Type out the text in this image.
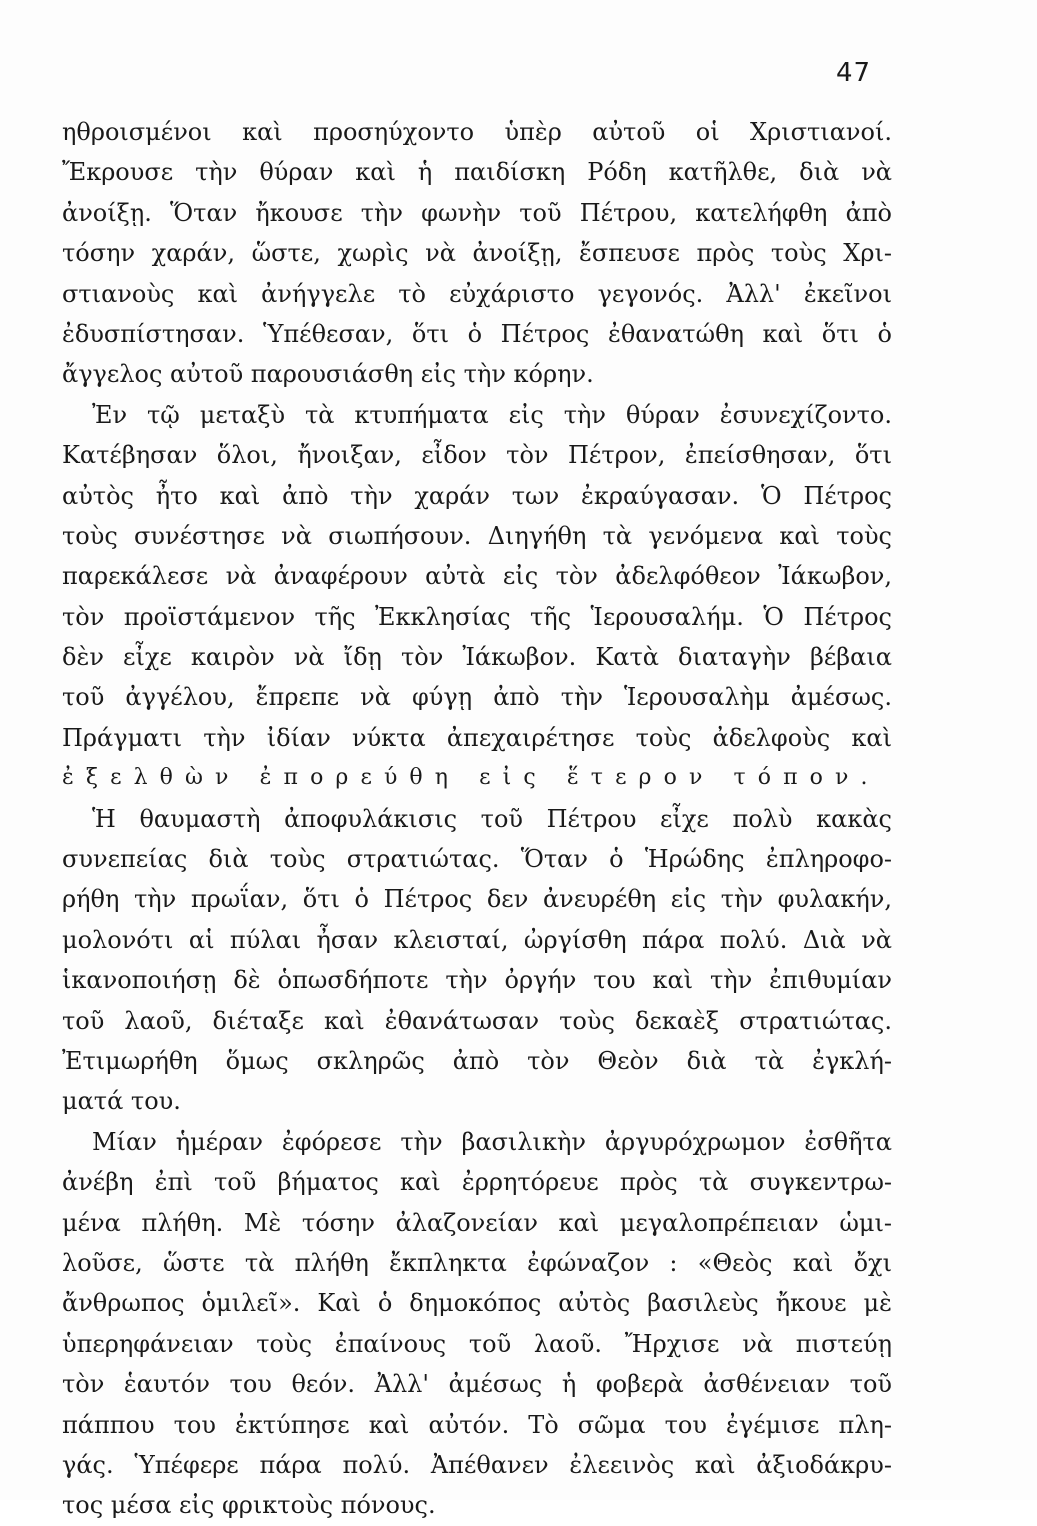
47
ηθροισμένοι καὶ προσηύχοντο ὑπὲρ αὐτοῦ οἱ Χριστιανοί.
Ἔκρουσε τὴν θύραν καὶ ἡ παιδίσκη Ρόδη κατῆλθε, διὰ νὰ
ἀνοίξῃ. Ὅταν ἤκουσε τὴν φωνὴν τοῦ Πέτρου, κατελήφθη ἀπὸ
τόσην χαράν, ὥστε, χωρὶς νὰ ἀνοίξῃ, ἔσπευσε πρὸς τοὺς Χρι-
στιανοὺς καὶ ἀνήγγελε τὸ εὐχάριστο γεγονός. Ἀλλ' ἐκεῖνοι
ἐδυσπίστησαν. Ὑπέθεσαν, ὅτι ὁ Πέτρος ἐθανατώθη καὶ ὅτι ὁ
ἄγγελος αὐτοῦ παρουσιάσθη εἰς τὴν κόρην.
Ἐν τῷ μεταξὺ τὰ κτυπήματα εἰς τὴν θύραν ἐσυνεχίζοντο.
Κατέβησαν ὅλοι, ἤνοιξαν, εἶδον τὸν Πέτρον, ἐπείσθησαν, ὅτι
αὐτὸς ἦτο καὶ ἀπὸ τὴν χαράν των ἐκραύγασαν. Ὁ Πέτρος
τοὺς συνέστησε νὰ σιωπήσουν. Διηγήθη τὰ γενόμενα καὶ τοὺς
παρεκάλεσε νὰ ἀναφέρουν αὐτὰ εἰς τὸν ἀδελφόθεον Ἰάκωβον,
τὸν προϊστάμενον τῆς Ἐκκλησίας τῆς Ἱερουσαλήμ. Ὁ Πέτρος
δὲν εἶχε καιρὸν νὰ ἴδῃ τὸν Ἰάκωβον. Κατὰ διαταγὴν βέβαια
τοῦ ἀγγέλου, ἔπρεπε νὰ φύγῃ ἀπὸ τὴν Ἱερουσαλὴμ ἀμέσως.
Πράγματι τὴν ἰδίαν νύκτα ἀπεχαιρέτησε τοὺς ἀδελφοὺς καὶ
ἐξελθὼν ἐπορεύθη εἰς ἕτερον τόπον.
Ἡ θαυμαστὴ ἀποφυλάκισις τοῦ Πέτρου εἶχε πολὺ κακὰς
συνεπείας διὰ τοὺς στρατιώτας. Ὅταν ὁ Ἡρώδης ἐπληροφο-
ρήθη τὴν πρωΐαν, ὅτι ὁ Πέτρος δεν ἀνευρέθη εἰς τὴν φυλακήν,
μολονότι αἱ πύλαι ἦσαν κλεισταί, ὠργίσθη πάρα πολύ. Διὰ νὰ
ἱκανοποιήσῃ δὲ ὁπωσδήποτε τὴν ὀργήν του καὶ τὴν ἐπιθυμίαν
τοῦ λαοῦ, διέταξε καὶ ἐθανάτωσαν τοὺς δεκαὲξ στρατιώτας.
Ἐτιμωρήθη ὅμως σκληρῶς ἀπὸ τὸν Θεὸν διὰ τὰ ἐγκλή-
ματά του.
Μίαν ἡμέραν ἐφόρεσε τὴν βασιλικὴν ἀργυρόχρωμον ἐσθῆτα
ἀνέβη ἐπὶ τοῦ βήματος καὶ ἐρρητόρευε πρὸς τὰ συγκεντρω-
μένα πλήθη. Μὲ τόσην ἀλαζονείαν καὶ μεγαλοπρέπειαν ὡμι-
λοῦσε, ὥστε τὰ πλήθη ἔκπληκτα ἐφώναζον : «Θεὸς καὶ ὄχι
ἄνθρωπος ὁμιλεῖ». Καὶ ὁ δημοκόπος αὐτὸς βασιλεὺς ἤκουε μὲ
ὑπερηφάνειαν τοὺς ἐπαίνους τοῦ λαοῦ. Ἤρχισε νὰ πιστεύῃ
τὸν ἑαυτόν του θεόν. Ἀλλ' ἀμέσως ἡ φοβερὰ ἀσθένειαν τοῦ
πάππου του ἐκτύπησε καὶ αὐτόν. Τὸ σῶμα του ἐγέμισε πλη-
γάς. Ὑπέφερε πάρα πολύ. Ἀπέθανεν ἐλεεινὸς καὶ ἀξιοδάκρυ-
τος μέσα εἰς φρικτοὺς πόνους.
